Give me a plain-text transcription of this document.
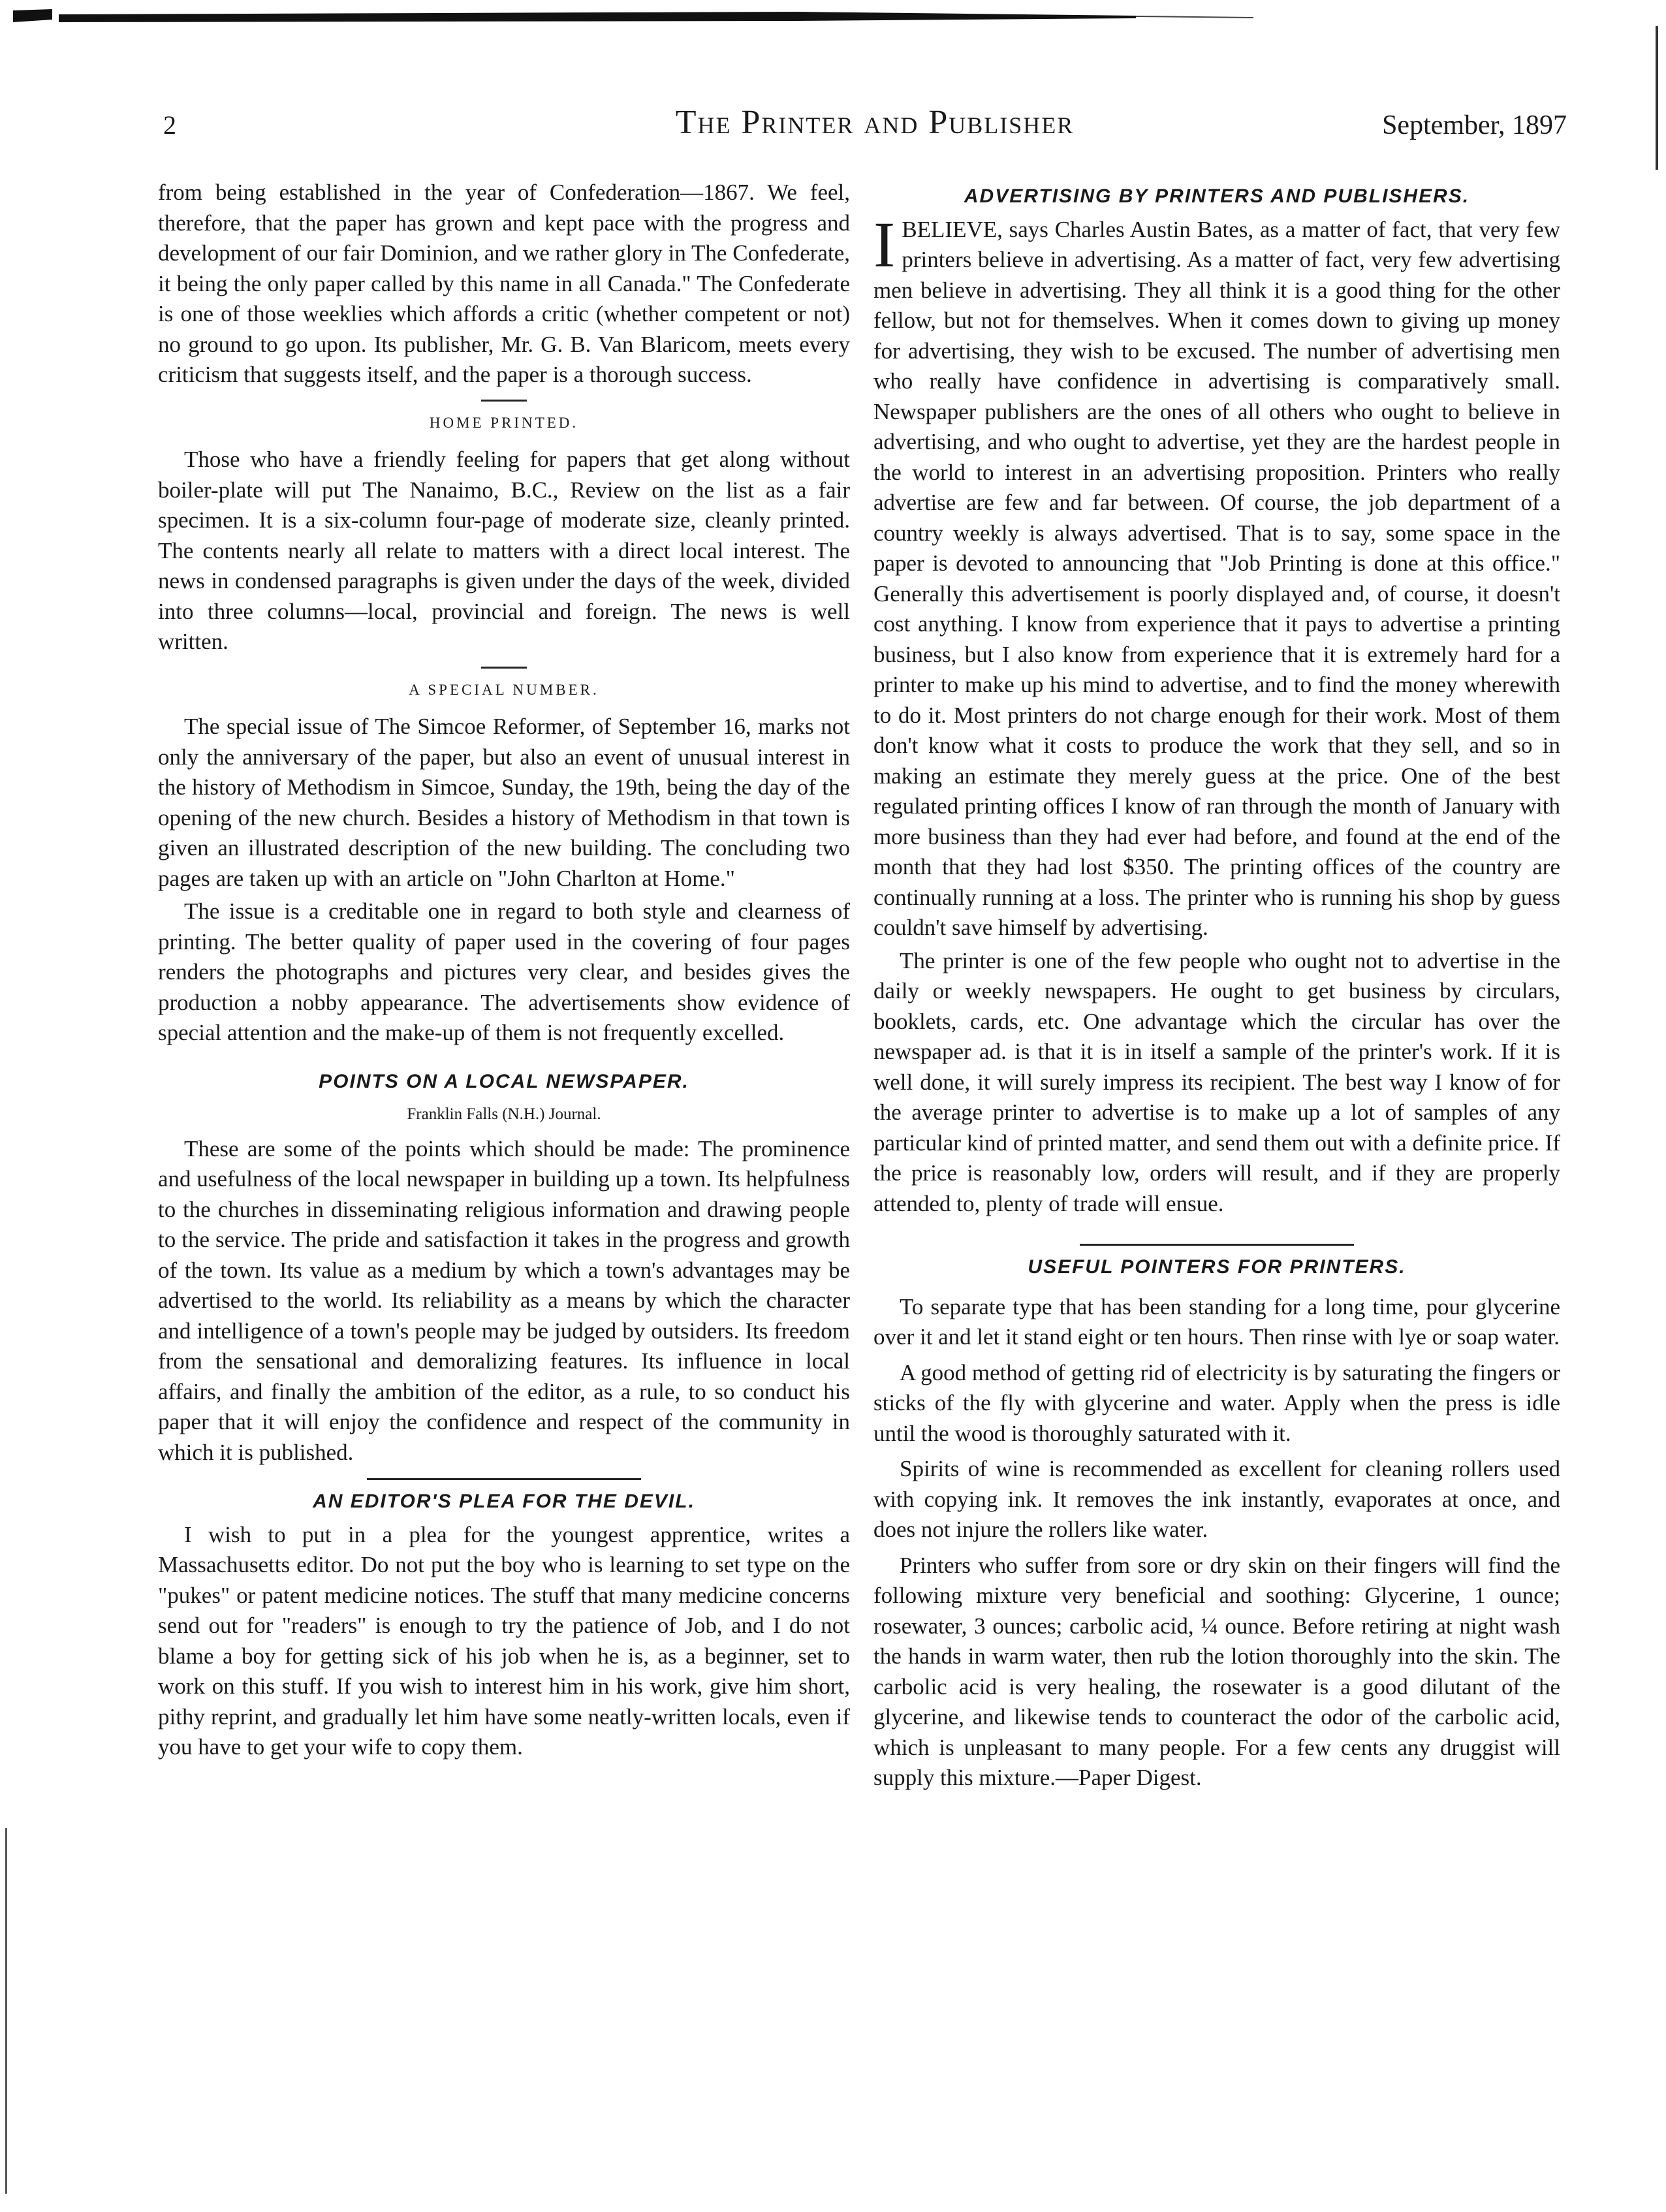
2	The Printer and Publisher	September, 1897

from being established in the year of Confederation—1867. We feel, therefore, that the paper has grown and kept pace with the progress and development of our fair Dominion, and we rather glory in The Confederate, it being the only paper called by this name in all Canada." The Confederate is one of those weeklies which affords a critic (whether competent or not) no ground to go upon. Its publisher, Mr. G. B. Van Blaricom, meets every criticism that suggests itself, and the paper is a thorough success.

HOME PRINTED.

Those who have a friendly feeling for papers that get along without boiler-plate will put The Nanaimo, B.C., Review on the list as a fair specimen. It is a six-column four-page of moderate size, cleanly printed. The contents nearly all relate to matters with a direct local interest. The news in condensed paragraphs is given under the days of the week, divided into three columns—local, provincial and foreign. The news is well written.

A SPECIAL NUMBER.

The special issue of The Simcoe Reformer, of September 16, marks not only the anniversary of the paper, but also an event of unusual interest in the history of Methodism in Simcoe, Sunday, the 19th, being the day of the opening of the new church. Besides a history of Methodism in that town is given an illustrated description of the new building. The concluding two pages are taken up with an article on "John Charlton at Home."

The issue is a creditable one in regard to both style and clearness of printing. The better quality of paper used in the covering of four pages renders the photographs and pictures very clear, and besides gives the production a nobby appearance. The advertisements show evidence of special attention and the make-up of them is not frequently excelled.

POINTS ON A LOCAL NEWSPAPER.
Franklin Falls (N.H.) Journal.

These are some of the points which should be made: The prominence and usefulness of the local newspaper in building up a town. Its helpfulness to the churches in disseminating religious information and drawing people to the service. The pride and satisfaction it takes in the progress and growth of the town. Its value as a medium by which a town's advantages may be advertised to the world. Its reliability as a means by which the character and intelligence of a town's people may be judged by outsiders. Its freedom from the sensational and demoralizing features. Its influence in local affairs, and finally the ambition of the editor, as a rule, to so conduct his paper that it will enjoy the confidence and respect of the community in which it is published.

AN EDITOR'S PLEA FOR THE DEVIL.

I wish to put in a plea for the youngest apprentice, writes a Massachusetts editor. Do not put the boy who is learning to set type on the "pukes" or patent medicine notices. The stuff that many medicine concerns send out for "readers" is enough to try the patience of Job, and I do not blame a boy for getting sick of his job when he is, as a beginner, set to work on this stuff. If you wish to interest him in his work, give him short, pithy reprint, and gradually let him have some neatly-written locals, even if you have to get your wife to copy them.

ADVERTISING BY PRINTERS AND PUBLISHERS.

IBELIEVE, says Charles Austin Bates, as a matter of fact, that very few printers believe in advertising. As a matter of fact, very few advertising men believe in advertising. They all think it is a good thing for the other fellow, but not for themselves. When it comes down to giving up money for advertising, they wish to be excused. The number of advertising men who really have confidence in advertising is comparatively small. Newspaper publishers are the ones of all others who ought to believe in advertising, and who ought to advertise, yet they are the hardest people in the world to interest in an advertising proposition. Printers who really advertise are few and far between. Of course, the job department of a country weekly is always advertised. That is to say, some space in the paper is devoted to announcing that "Job Printing is done at this office." Generally this advertisement is poorly displayed and, of course, it doesn't cost anything. I know from experience that it pays to advertise a printing business, but I also know from experience that it is extremely hard for a printer to make up his mind to advertise, and to find the money wherewith to do it. Most printers do not charge enough for their work. Most of them don't know what it costs to produce the work that they sell, and so in making an estimate they merely guess at the price. One of the best regulated printing offices I know of ran through the month of January with more business than they had ever had before, and found at the end of the month that they had lost $350. The printing offices of the country are continually running at a loss. The printer who is running his shop by guess couldn't save himself by advertising.

The printer is one of the few people who ought not to advertise in the daily or weekly newspapers. He ought to get business by circulars, booklets, cards, etc. One advantage which the circular has over the newspaper ad. is that it is in itself a sample of the printer's work. If it is well done, it will surely impress its recipient. The best way I know of for the average printer to advertise is to make up a lot of samples of any particular kind of printed matter, and send them out with a definite price. If the price is reasonably low, orders will result, and if they are properly attended to, plenty of trade will ensue.

USEFUL POINTERS FOR PRINTERS.

To separate type that has been standing for a long time, pour glycerine over it and let it stand eight or ten hours. Then rinse with lye or soap water.

A good method of getting rid of electricity is by saturating the fingers or sticks of the fly with glycerine and water. Apply when the press is idle until the wood is thoroughly saturated with it.

Spirits of wine is recommended as excellent for cleaning rollers used with copying ink. It removes the ink instantly, evaporates at once, and does not injure the rollers like water.

Printers who suffer from sore or dry skin on their fingers will find the following mixture very beneficial and soothing: Glycerine, 1 ounce; rosewater, 3 ounces; carbolic acid, ¼ ounce. Before retiring at night wash the hands in warm water, then rub the lotion thoroughly into the skin. The carbolic acid is very healing, the rosewater is a good dilutant of the glycerine, and likewise tends to counteract the odor of the carbolic acid, which is unpleasant to many people. For a few cents any druggist will supply this mixture.—Paper Digest.
